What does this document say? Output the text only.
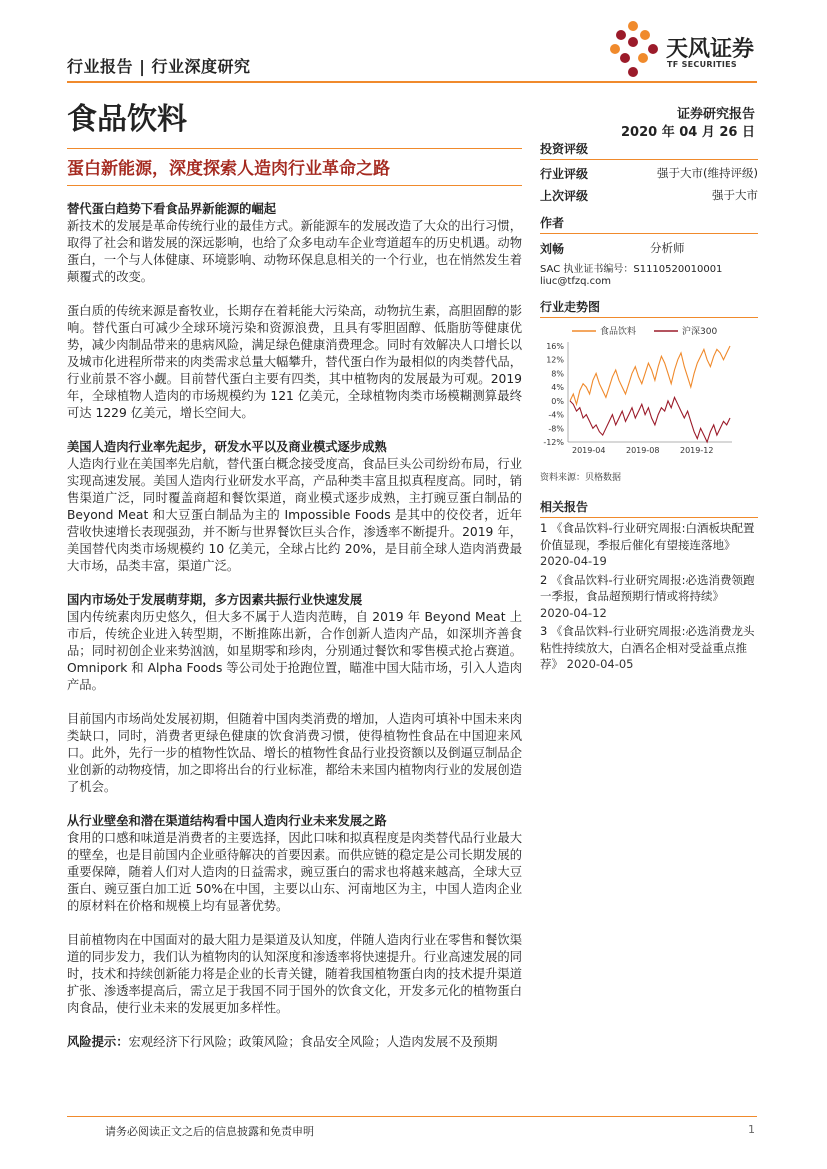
行业报告 | 行业深度研究
天风证券
TF SECURITIES
食品饮料	证券研究报告
2020 年 04 月 26 日
蛋白新能源，深度探索人造肉行业革命之路
替代蛋白趋势下看食品界新能源的崛起

新技术的发展是革命传统行业的最佳方式。新能源车的发展改造了大众的出行习惯，取得了社会和谐发展的深远影响，也给了众多电动车企业弯道超车的历史机遇。动物蛋白，一个与人体健康、环境影响、动物环保息息相关的一个行业，也在悄然发生着颠覆式的改变。

蛋白质的传统来源是畜牧业，长期存在着耗能大污染高，动物抗生素，高胆固醇的影响。替代蛋白可减少全球环境污染和资源浪费，且具有零胆固醇、低脂肪等健康优势，减少肉制品带来的患病风险，满足绿色健康消费理念。同时有效解决人口增长以及城市化进程所带来的肉类需求总量大幅攀升，替代蛋白作为最相似的肉类替代品，行业前景不容小觑。目前替代蛋白主要有四类，其中植物肉的发展最为可观。2019 年，全球植物人造肉的市场规模约为 121 亿美元，全球植物肉类市场模糊测算最终可达 1229 亿美元，增长空间大。

美国人造肉行业率先起步，研发水平以及商业模式逐步成熟

人造肉行业在美国率先启航，替代蛋白概念接受度高，食品巨头公司纷纷布局，行业实现高速发展。美国人造肉行业研发水平高，产品种类丰富且拟真程度高。同时，销售渠道广泛，同时覆盖商超和餐饮渠道，商业模式逐步成熟，主打豌豆蛋白制品的 Beyond Meat 和大豆蛋白制品为主的 Impossible Foods 是其中的佼佼者，近年营收快速增长表现强劲，并不断与世界餐饮巨头合作，渗透率不断提升。2019 年，美国替代肉类市场规模约 10 亿美元，全球占比约 20%，是目前全球人造肉消费最大市场，品类丰富，渠道广泛。

国内市场处于发展萌芽期，多方因素共振行业快速发展

国内传统素肉历史悠久，但大多不属于人造肉范畴，自 2019 年 Beyond Meat 上市后，传统企业进入转型期，不断推陈出新，合作创新人造肉产品，如深圳齐善食品；同时初创企业来势汹汹，如星期零和珍肉，分别通过餐饮和零售模式抢占赛道。Omnipork 和 Alpha Foods 等公司处于抢跑位置，瞄准中国大陆市场，引入人造肉产品。

目前国内市场尚处发展初期，但随着中国肉类消费的增加，人造肉可填补中国未来肉类缺口，同时，消费者更绿色健康的饮食消费习惯，使得植物性食品在中国迎来风口。此外，先行一步的植物性饮品、增长的植物性食品行业投资额以及倒逼豆制品企业创新的动物疫情，加之即将出台的行业标准，都给未来国内植物肉行业的发展创造了机会。

从行业壁垒和潜在渠道结构看中国人造肉行业未来发展之路

食用的口感和味道是消费者的主要选择，因此口味和拟真程度是肉类替代品行业最大的壁垒，也是目前国内企业亟待解决的首要因素。而供应链的稳定是公司长期发展的重要保障，随着人们对人造肉的日益需求，豌豆蛋白的需求也将越来越高，全球大豆蛋白、豌豆蛋白加工近 50%在中国，主要以山东、河南地区为主，中国人造肉企业的原材料在价格和规模上均有显著优势。

目前植物肉在中国面对的最大阻力是渠道及认知度，伴随人造肉行业在零售和餐饮渠道的同步发力，我们认为植物肉的认知深度和渗透率将快速提升。行业高速发展的同时，技术和持续创新能力将是企业的长青关键，随着我国植物蛋白肉的技术提升渠道扩张、渗透率提高后，需立足于我国不同于国外的饮食文化，开发多元化的植物蛋白肉食品，使行业未来的发展更加多样性。

风险提示：宏观经济下行风险；政策风险；食品安全风险；人造肉发展不及预期

投资评级
行业评级	强于大市(维持评级)
上次评级	强于大市
作者
刘畅	分析师
SAC 执业证书编号：S1110520010001
liuc@tfzq.com
行业走势图
食品饮料	沪深300
16%
12%
8%
4%
0%
-4%
-8%
-12%
2019-04	2019-08	2019-12
资料来源：贝格数据
相关报告
1 《食品饮料-行业研究周报:白酒板块配置价值显现，季报后催化有望接连落地》 2020-04-19
2 《食品饮料-行业研究周报:必选消费领跑一季报，食品超预期行情或将持续》 2020-04-12
3 《食品饮料-行业研究周报:必选消费龙头粘性持续放大，白酒名企相对受益重点推荐》 2020-04-05
请务必阅读正文之后的信息披露和免责申明	1
